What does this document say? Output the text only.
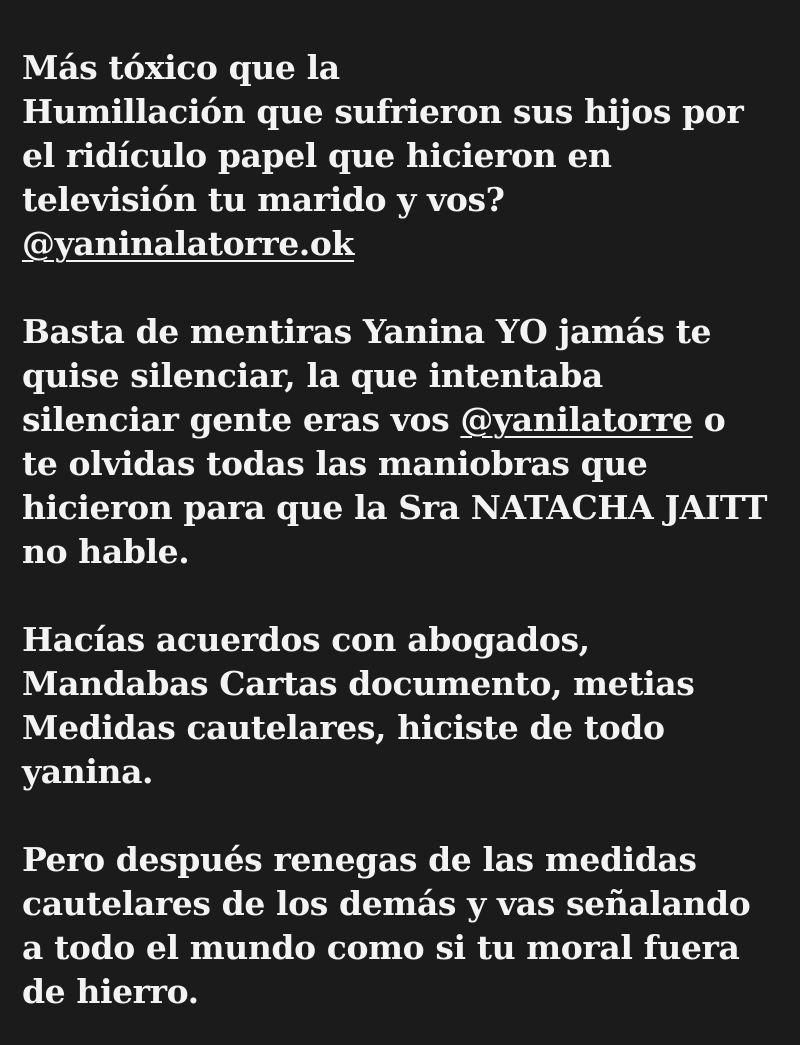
Más tóxico que la
Humillación que sufrieron sus hijos por
el ridículo papel que hicieron en
televisión tu marido y vos?
@yaninalatorre.ok

Basta de mentiras Yanina YO jamás te
quise silenciar, la que intentaba
silenciar gente eras vos @yanilatorre o
te olvidas todas las maniobras que
hicieron para que la Sra NATACHA JAITT
no hable.

Hacías acuerdos con abogados,
Mandabas Cartas documento, metias
Medidas cautelares, hiciste de todo
yanina.

Pero después renegas de las medidas
cautelares de los demás y vas señalando
a todo el mundo como si tu moral fuera
de hierro.
